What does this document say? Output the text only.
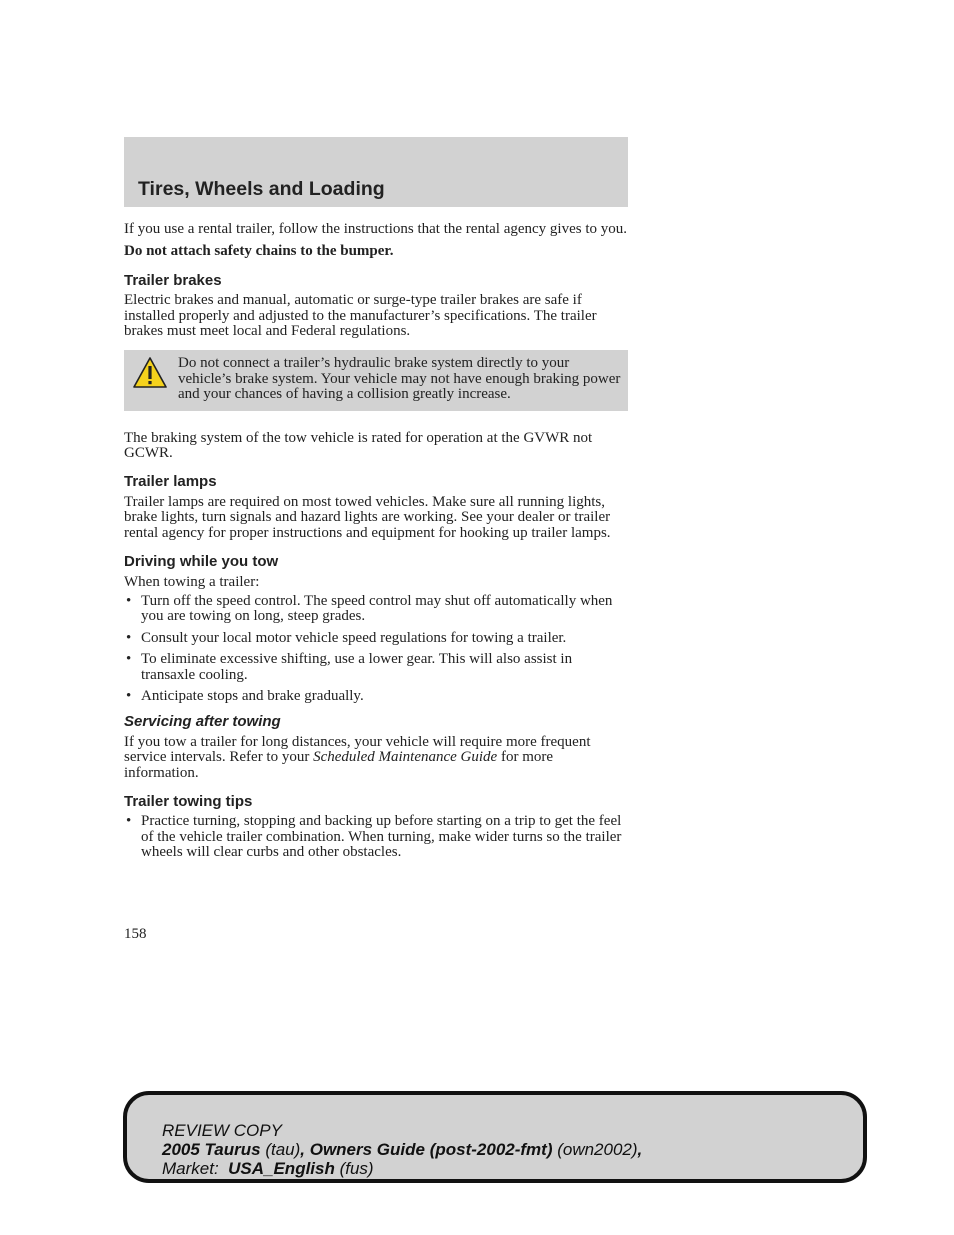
Tires, Wheels and Loading

If you use a rental trailer, follow the instructions that the rental agency gives to you.

Do not attach safety chains to the bumper.

Trailer brakes

Electric brakes and manual, automatic or surge-type trailer brakes are safe if installed properly and adjusted to the manufacturer’s specifications. The trailer brakes must meet local and Federal regulations.

Do not connect a trailer’s hydraulic brake system directly to your vehicle’s brake system. Your vehicle may not have enough braking power and your chances of having a collision greatly increase.

The braking system of the tow vehicle is rated for operation at the GVWR not GCWR.

Trailer lamps

Trailer lamps are required on most towed vehicles. Make sure all running lights, brake lights, turn signals and hazard lights are working. See your dealer or trailer rental agency for proper instructions and equipment for hooking up trailer lamps.

Driving while you tow

When towing a trailer:

• Turn off the speed control. The speed control may shut off automatically when you are towing on long, steep grades.
• Consult your local motor vehicle speed regulations for towing a trailer.
• To eliminate excessive shifting, use a lower gear. This will also assist in transaxle cooling.
• Anticipate stops and brake gradually.

Servicing after towing

If you tow a trailer for long distances, your vehicle will require more frequent service intervals. Refer to your Scheduled Maintenance Guide for more information.

Trailer towing tips

• Practice turning, stopping and backing up before starting on a trip to get the feel of the vehicle trailer combination. When turning, make wider turns so the trailer wheels will clear curbs and other obstacles.
158
REVIEW COPY
2005 Taurus (tau), Owners Guide (post-2002-fmt) (own2002),
Market:  USA_English (fus)
